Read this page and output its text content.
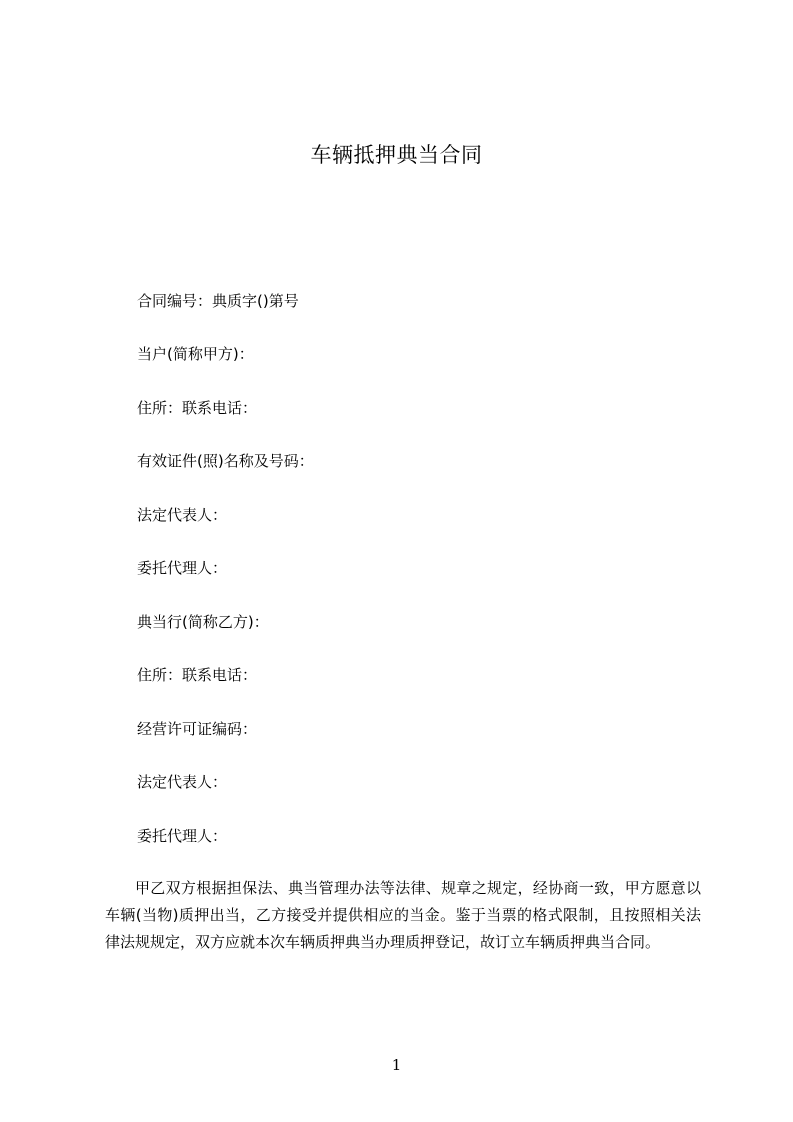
车辆抵押典当合同
合同编号：典质字()第号
当户(简称甲方)：
住所：联系电话：
有效证件(照)名称及号码：
法定代表人：
委托代理人：
典当行(简称乙方)：
住所：联系电话：
经营许可证编码：
法定代表人：
委托代理人：
甲乙双方根据担保法、典当管理办法等法律、规章之规定，经协商一致，甲方愿意以车辆(当物)质押出当，乙方接受并提供相应的当金。鉴于当票的格式限制，且按照相关法律法规规定，双方应就本次车辆质押典当办理质押登记，故订立车辆质押典当合同。
1
